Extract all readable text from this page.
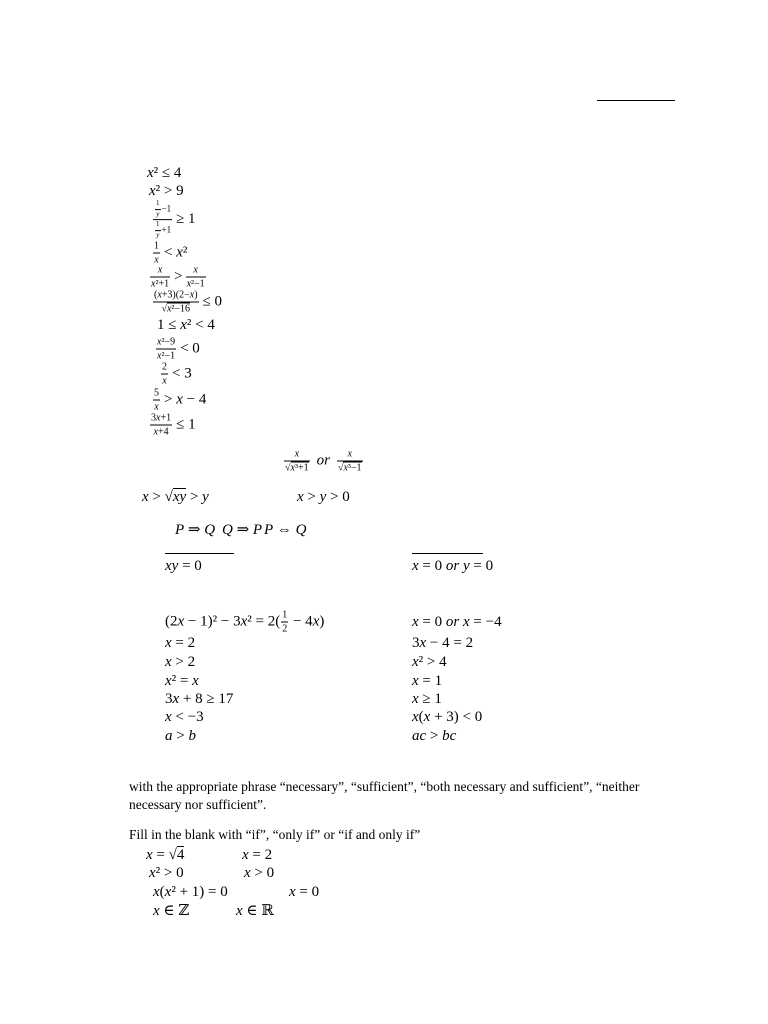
x² ≤ 4
x² > 9
$\frac{\frac{1}{y} -1}{\frac{1}{y} +1} \ge 1$
$\frac{1}{x} < x^2$
$\frac{x}{\text{x²+1}} > \frac{x}{\text{x²−1}}$
$\frac{(x+3)(2-x)}{\text{√x²−16}} \le 0$
1 ≤ x² < 4
$\frac{\text{x²−9}}{\text{x²−1}} < 0$
$\frac{2}{x} < 3$
$\frac{5}{x} > x - 4$
$\frac{3x+1}{x+4} \le 1$
$\frac{x}{\text{√x³+1}}$ or $\frac{x}{\text{√x³−1}}$
x > √xy > y	x > y > 0
P ⇒ Q Q ⇒ P P ⇔ Q
xy = 0	x = 0 or y = 0
$(2x - 1)^2 - 3x^2 = 2( \frac{1}{2} - 4x)$	x = 0 or x = −4
x = 2	3x − 4 = 2
x > 2	x² > 4
x² = x	x = 1
3x + 8 ≥ 17	x ≥ 1
x < −3	x(x + 3) < 0
a > b	ac > bc
with the appropriate phrase “necessary”, “sufficient”, “both necessary and sufficient”, “neither necessary nor sufficient”.
Fill in the blank with “if”, “only if” or “if and only if”
x = √4	x = 2
x² > 0	x > 0
x(x² + 1) = 0	x = 0
x ∈ ℤ	x ∈ ℝ
